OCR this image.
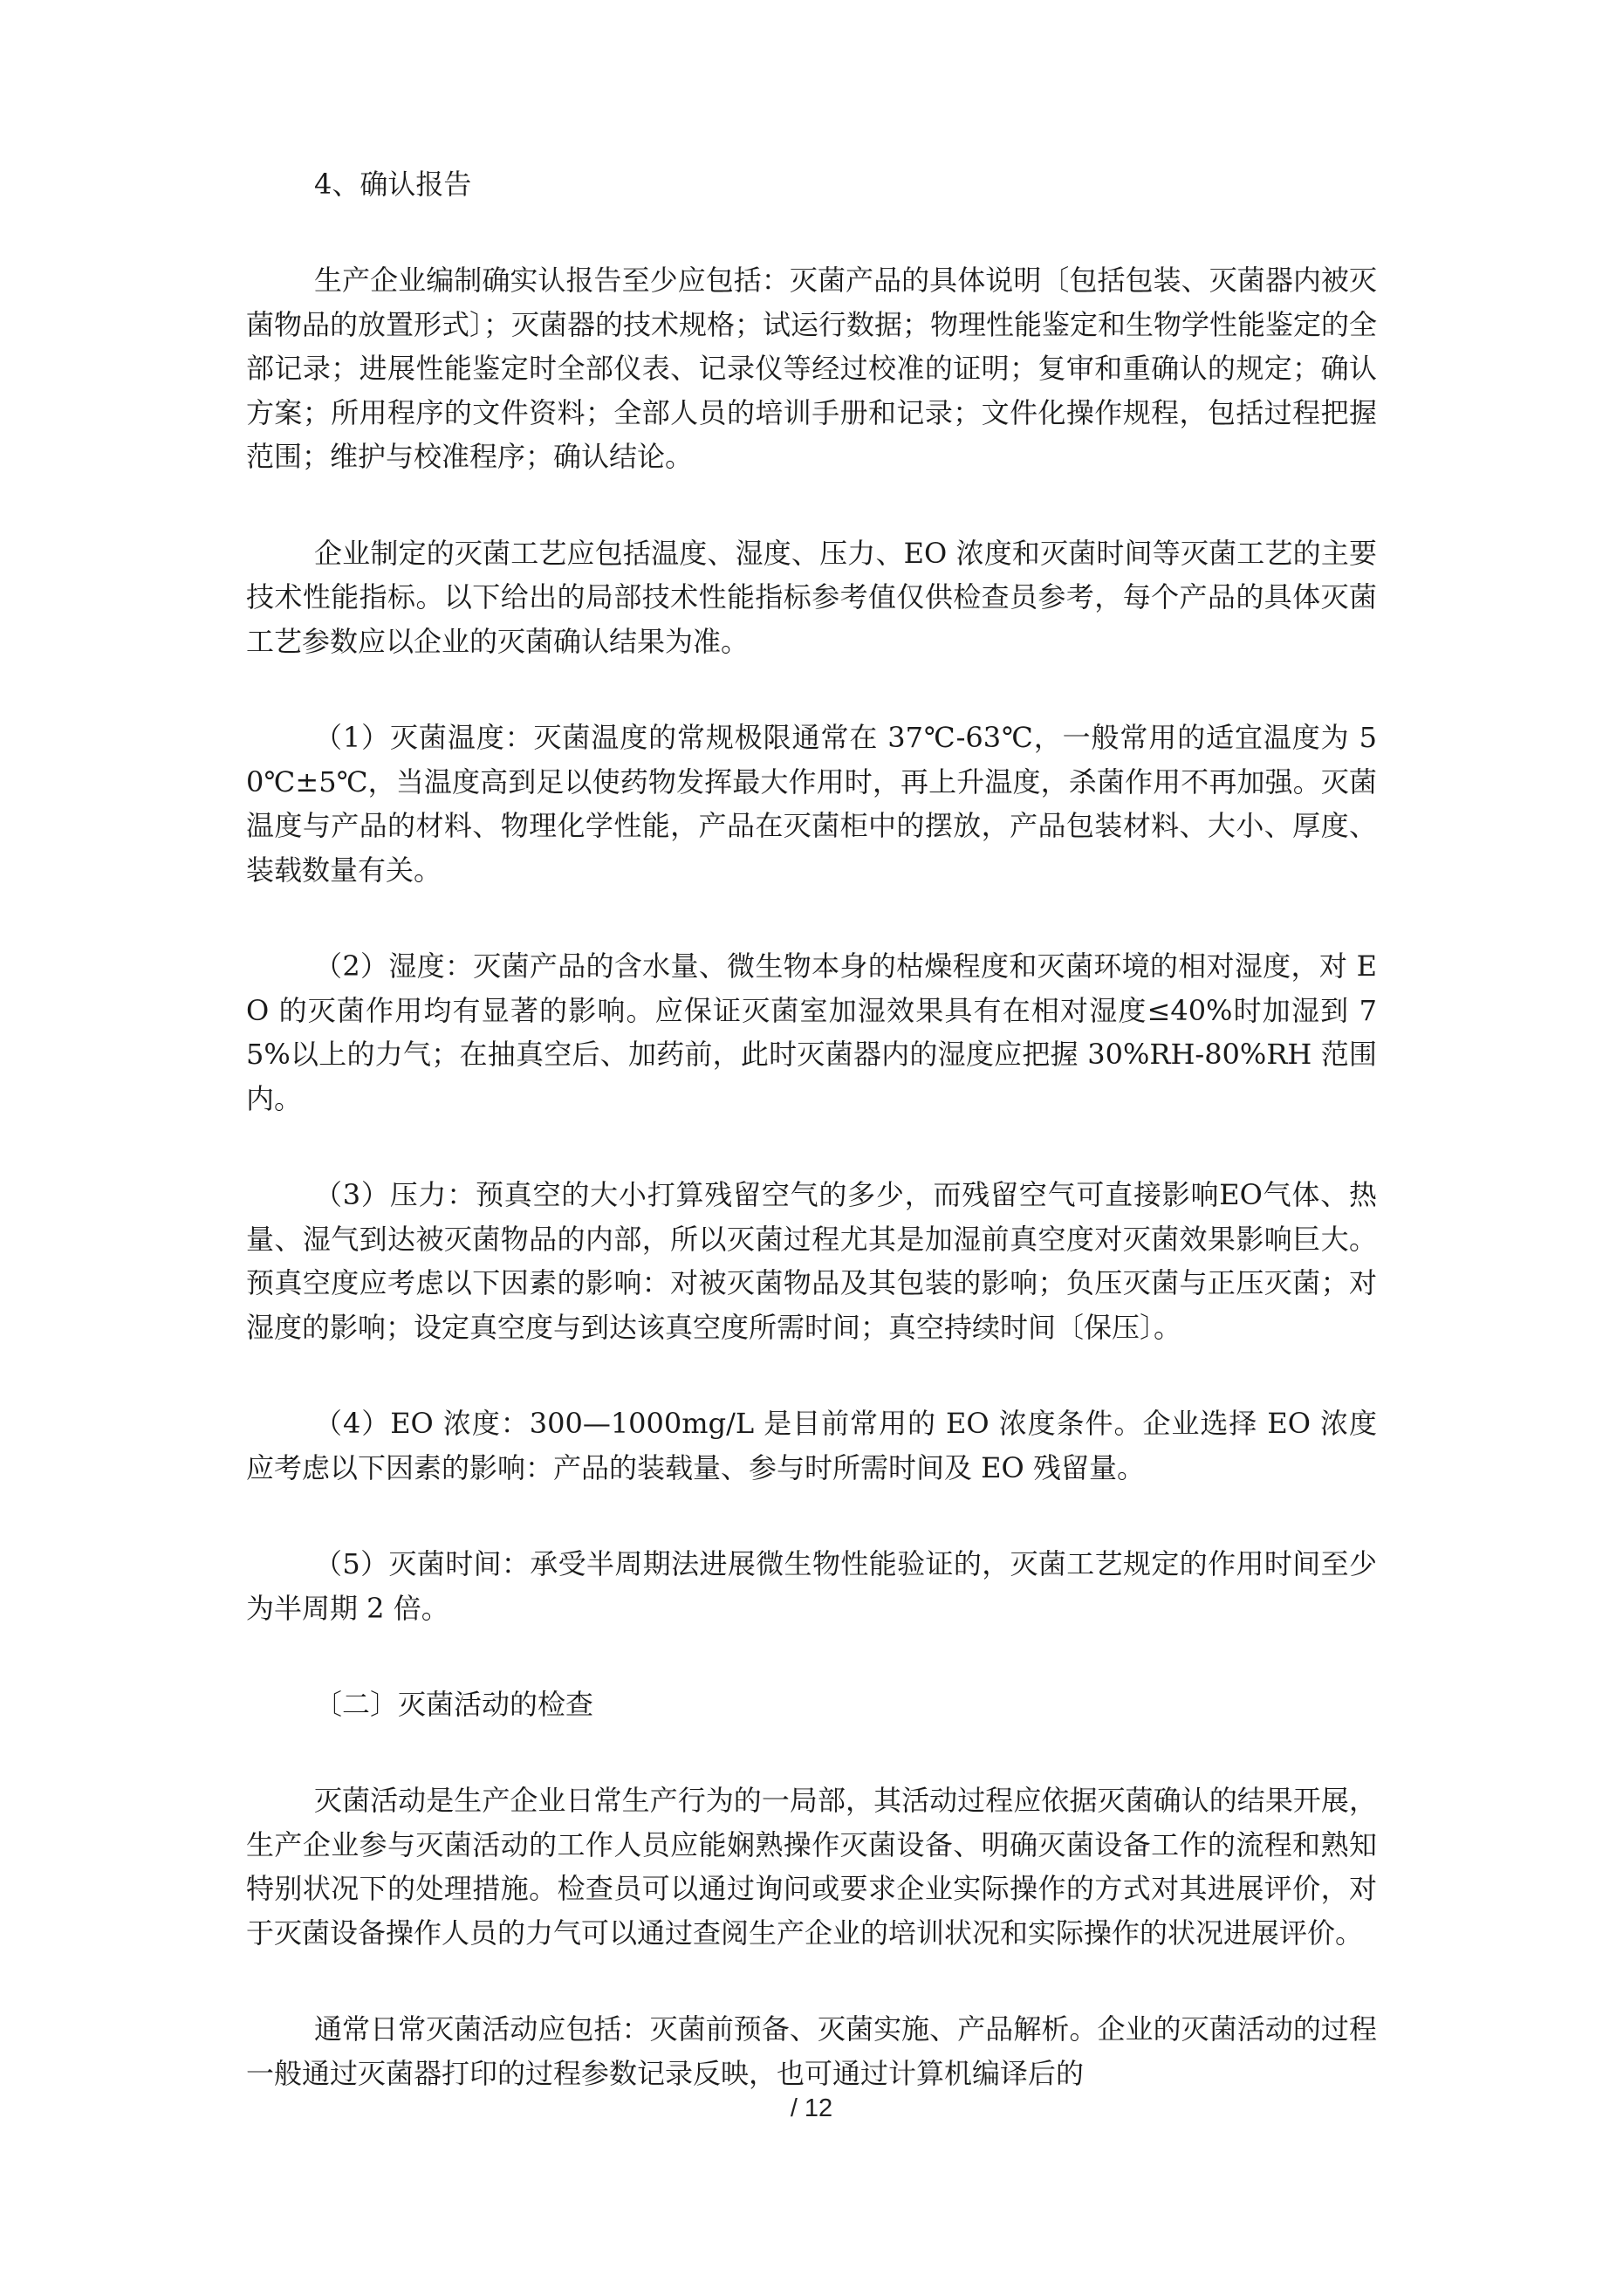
4、确认报告

生产企业编制确实认报告至少应包括：灭菌产品的具体说明〔包括包装、灭菌器内被灭菌物品的放置形式〕；灭菌器的技术规格；试运行数据；物理性能鉴定和生物学性能鉴定的全部记录；进展性能鉴定时全部仪表、记录仪等经过校准的证明；复审和重确认的规定；确认方案；所用程序的文件资料；全部人员的培训手册和记录；文件化操作规程，包括过程把握范围；维护与校准程序；确认结论。

企业制定的灭菌工艺应包括温度、湿度、压力、EO 浓度和灭菌时间等灭菌工艺的主要技术性能指标。以下给出的局部技术性能指标参考值仅供检查员参考，每个产品的具体灭菌工艺参数应以企业的灭菌确认结果为准。

（1）灭菌温度：灭菌温度的常规极限通常在 37℃-63℃，一般常用的适宜温度为 50℃±5℃，当温度高到足以使药物发挥最大作用时，再上升温度，杀菌作用不再加强。灭菌温度与产品的材料、物理化学性能，产品在灭菌柜中的摆放，产品包装材料、大小、厚度、装载数量有关。

（2）湿度：灭菌产品的含水量、微生物本身的枯燥程度和灭菌环境的相对湿度，对 EO 的灭菌作用均有显著的影响。应保证灭菌室加湿效果具有在相对湿度≤40%时加湿到 75%以上的力气；在抽真空后、加药前，此时灭菌器内的湿度应把握 30%RH-80%RH 范围内。

（3）压力：预真空的大小打算残留空气的多少，而残留空气可直接影响EO气体、热量、湿气到达被灭菌物品的内部，所以灭菌过程尤其是加湿前真空度对灭菌效果影响巨大。预真空度应考虑以下因素的影响：对被灭菌物品及其包装的影响；负压灭菌与正压灭菌；对湿度的影响；设定真空度与到达该真空度所需时间；真空持续时间〔保压〕。

（4）EO 浓度：300—1000mg/L 是目前常用的 EO 浓度条件。企业选择 EO 浓度应考虑以下因素的影响：产品的装载量、参与时所需时间及 EO 残留量。

（5）灭菌时间：承受半周期法进展微生物性能验证的，灭菌工艺规定的作用时间至少为半周期 2 倍。

〔二〕灭菌活动的检查

灭菌活动是生产企业日常生产行为的一局部，其活动过程应依据灭菌确认的结果开展，生产企业参与灭菌活动的工作人员应能娴熟操作灭菌设备、明确灭菌设备工作的流程和熟知特别状况下的处理措施。检查员可以通过询问或要求企业实际操作的方式对其进展评价，对于灭菌设备操作人员的力气可以通过查阅生产企业的培训状况和实际操作的状况进展评价。

通常日常灭菌活动应包括：灭菌前预备、灭菌实施、产品解析。企业的灭菌活动的过程一般通过灭菌器打印的过程参数记录反映，也可通过计算机编译后的

/ 12
